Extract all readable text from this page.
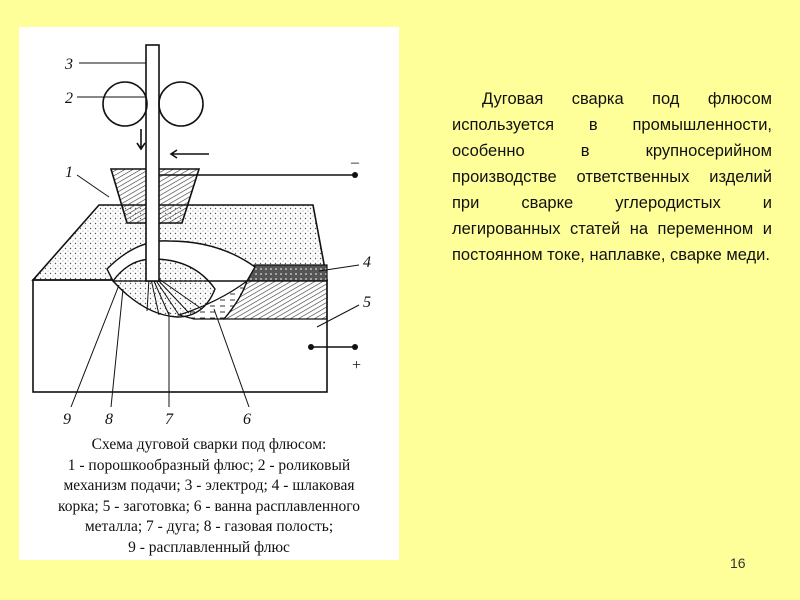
–
+
3
2
1
4
5
9 8	7	6
Схема дуговой сварки под флюсом:
1 - порошкообразный флюс; 2 - роликовый
механизм подачи; 3 - электрод; 4 - шлаковая
корка; 5 - заготовка; 6 - ванна расплавленного
металла; 7 - дуга; 8 - газовая полость;
9 - расплавленный флюс

Дуговая сварка под флюсом используется в промышленности, особенно в крупносерийном производстве ответственных изделий при сварке углеродистых и легированных статей на переменном и постоянном токе, наплавке, сварке меди.

16
